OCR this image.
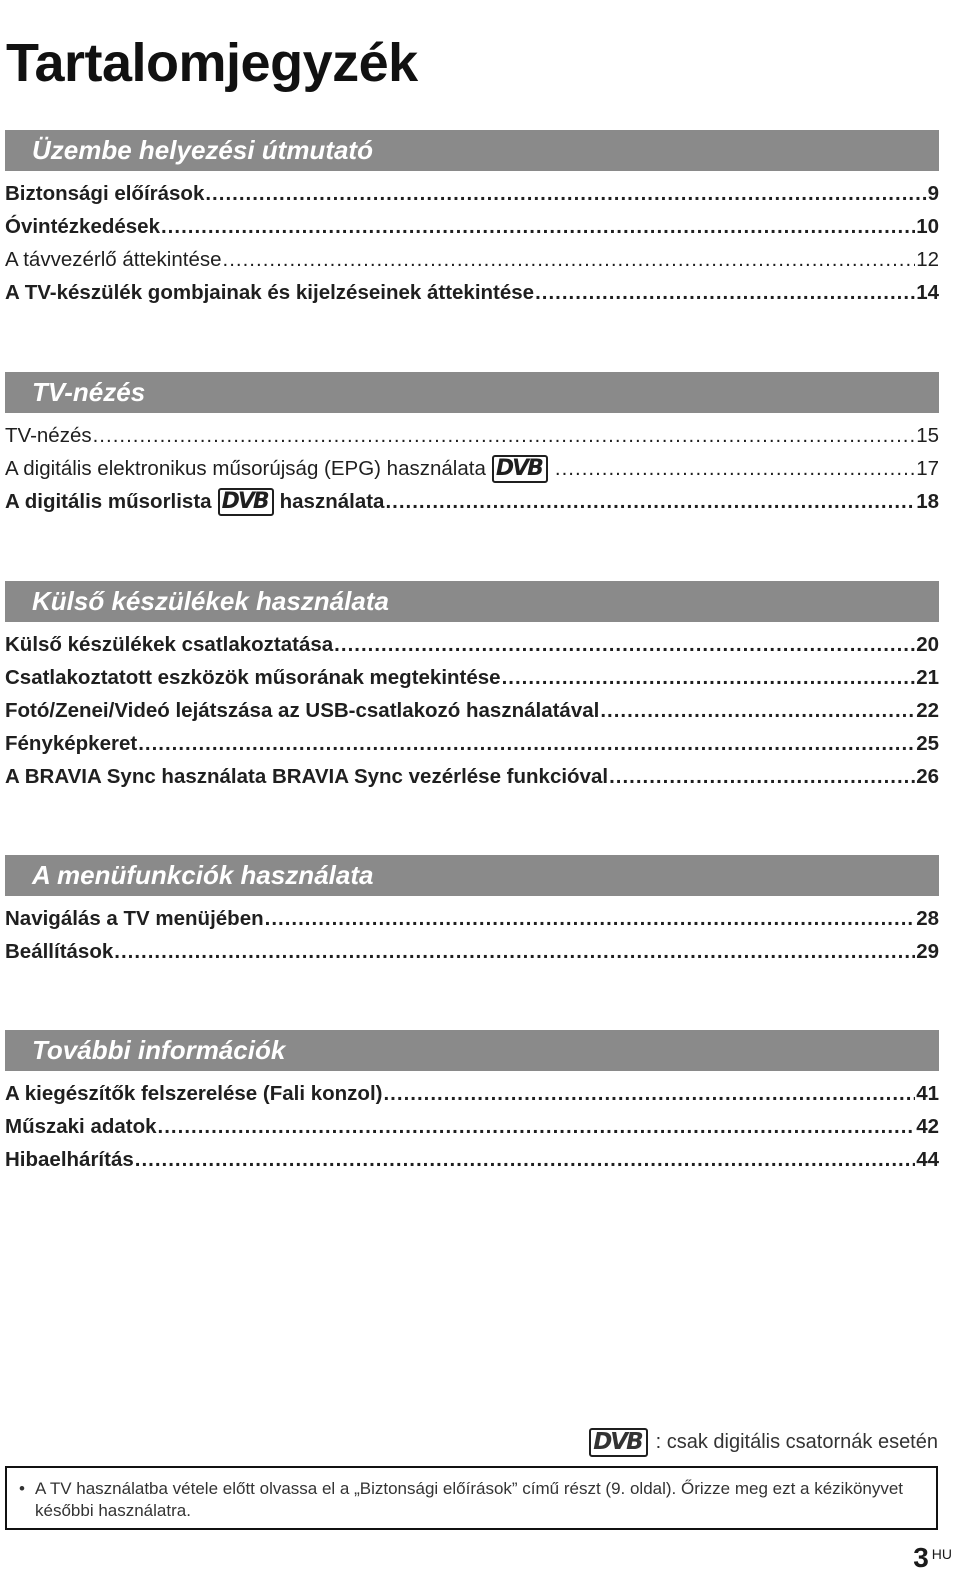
Tartalomjegyzék
Üzembe helyezési útmutató
Biztonsági előírások .....	9
Óvintézkedések .....	10
A távvezérlő áttekintése .....	12
A TV-készülék gombjainak és kijelzéseinek áttekintése .....	14
TV-nézés
TV-nézés .....	15
A digitális elektronikus műsorújság (EPG) használata DVB .....	17
A digitális műsorlista DVB használata .....	18
Külső készülékek használata
Külső készülékek csatlakoztatása .....	20
Csatlakoztatott eszközök műsorának megtekintése .....	21
Fotó/Zenei/Videó lejátszása az USB-csatlakozó használatával .....	22
Fényképkeret .....	25
A BRAVIA Sync használata BRAVIA Sync vezérlése funkcióval .....	26
A menüfunkciók használata
Navigálás a TV menüjében .....	28
Beállítások .....	29
További információk
A kiegészítők felszerelése (Fali konzol) .....	41
Műszaki adatok .....	42
Hibaelhárítás .....	44
DVB : csak digitális csatornák esetén
• A TV használatba vétele előtt olvassa el a „Biztonsági előírások” című részt (9. oldal). Őrizze meg ezt a kézikönyvet későbbi használatra.
3 HU
